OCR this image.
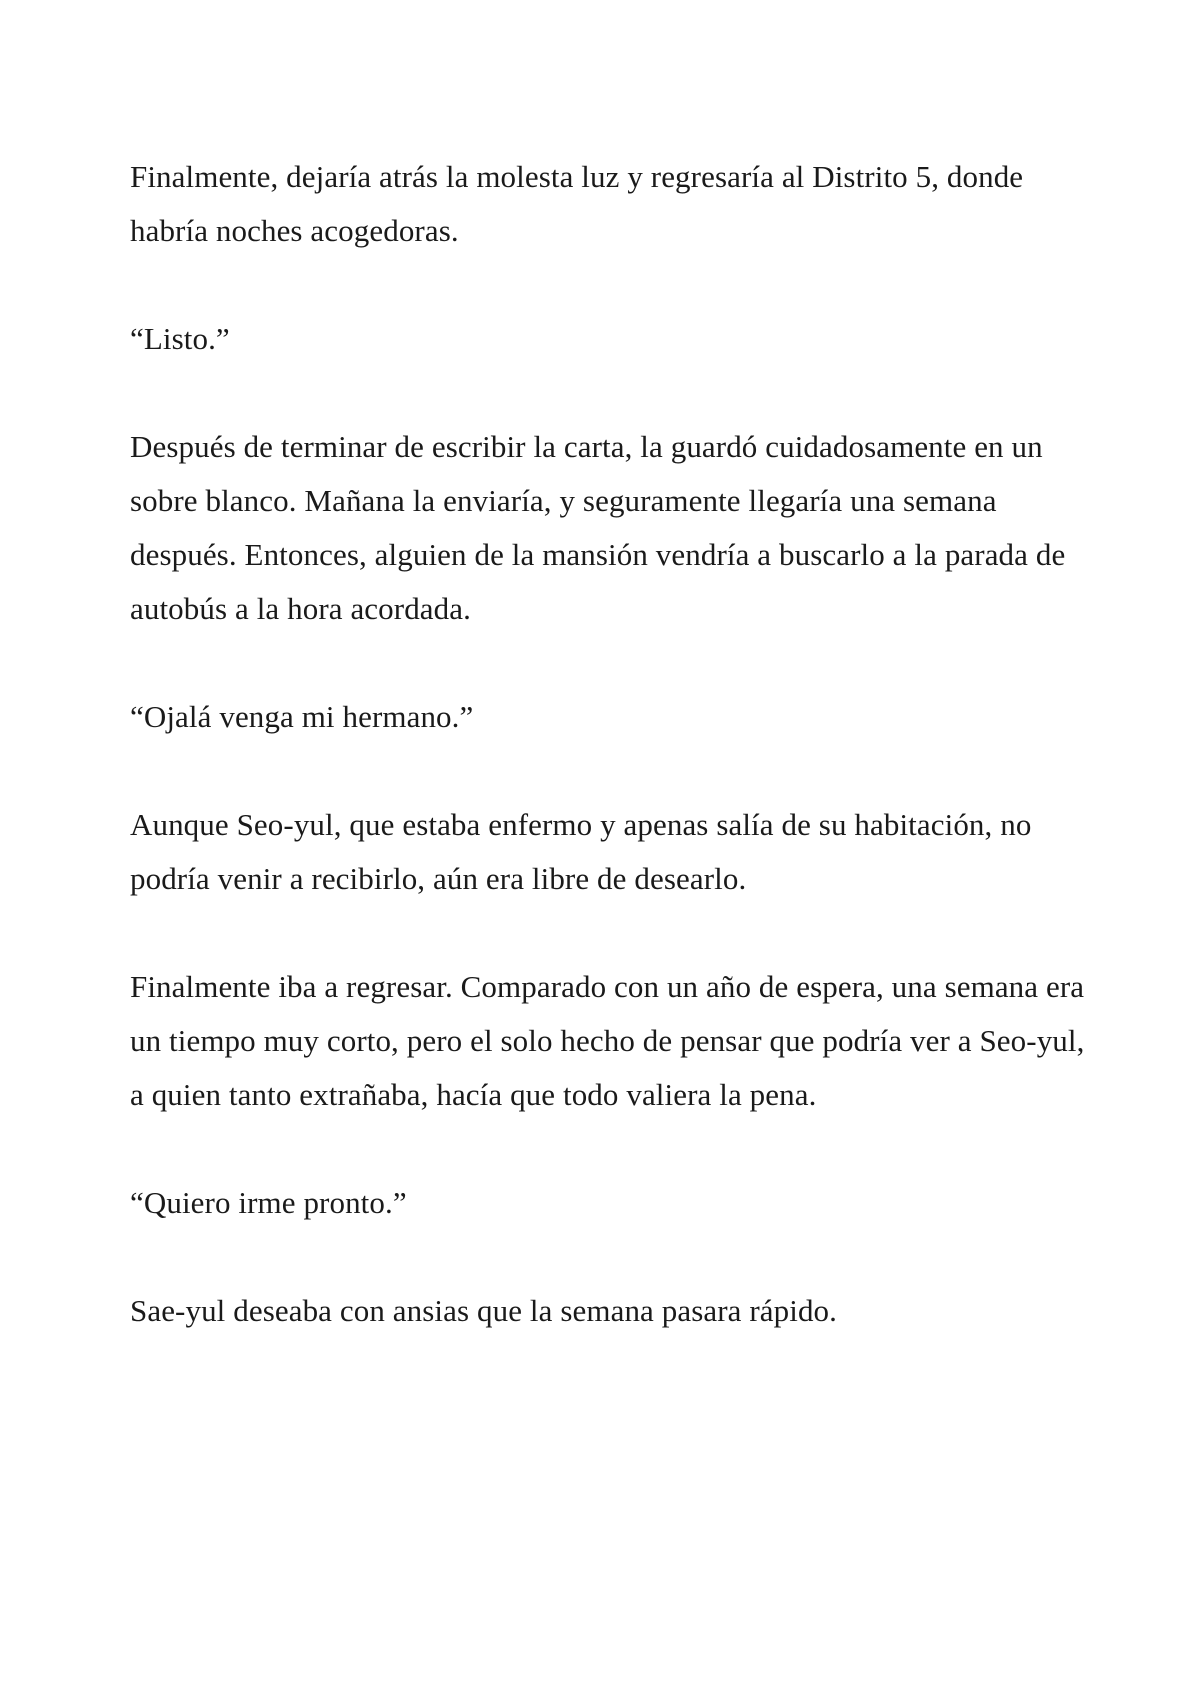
Finalmente, dejaría atrás la molesta luz y regresaría al Distrito 5, donde habría noches acogedoras.

“Listo.”

Después de terminar de escribir la carta, la guardó cuidadosamente en un sobre blanco. Mañana la enviaría, y seguramente llegaría una semana después. Entonces, alguien de la mansión vendría a buscarlo a la parada de autobús a la hora acordada.

“Ojalá venga mi hermano.”

Aunque Seo-yul, que estaba enfermo y apenas salía de su habitación, no podría venir a recibirlo, aún era libre de desearlo.

Finalmente iba a regresar. Comparado con un año de espera, una semana era un tiempo muy corto, pero el solo hecho de pensar que podría ver a Seo-yul, a quien tanto extrañaba, hacía que todo valiera la pena.

“Quiero irme pronto.”

Sae-yul deseaba con ansias que la semana pasara rápido.
